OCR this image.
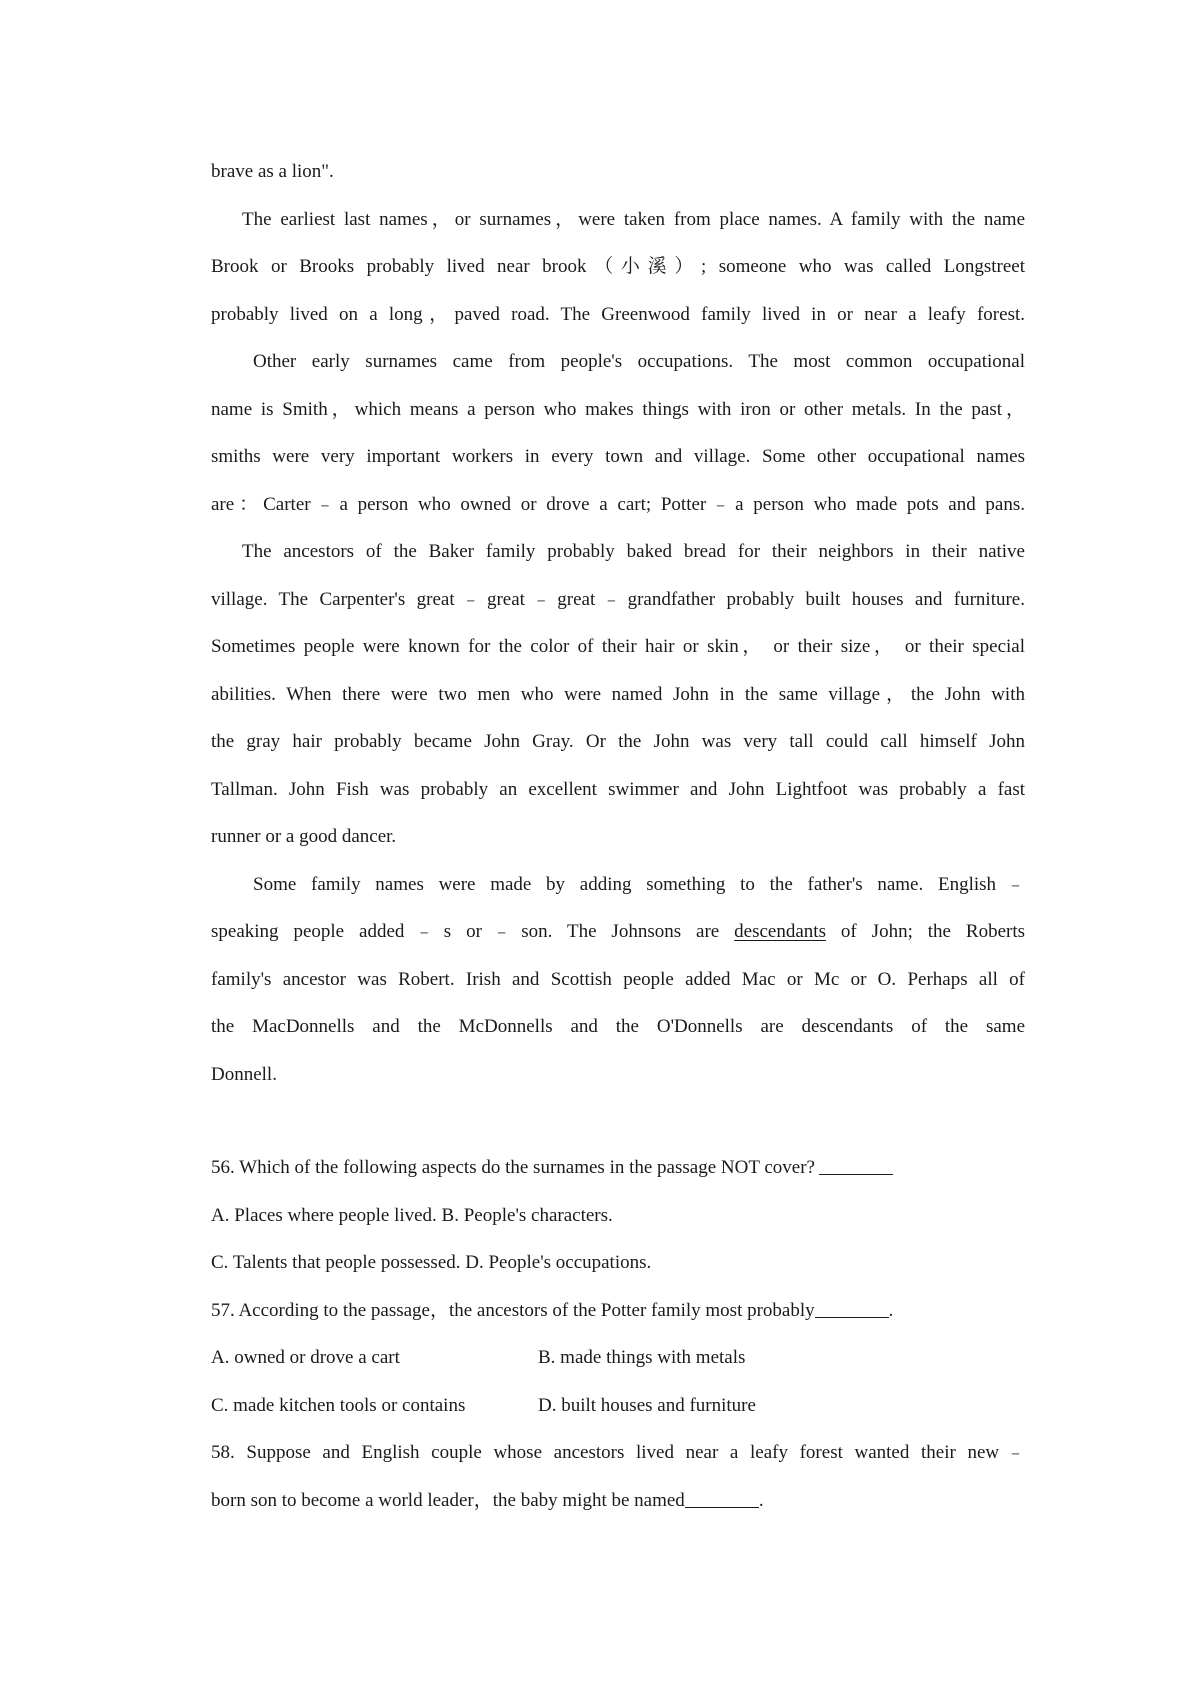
brave as a lion".
The earliest last names，or surnames，were taken from place names. A family with the name
Brook or Brooks probably lived near brook（小溪）; someone who was called Longstreet
probably lived on a long，paved road. The Greenwood family lived in or near a leafy forest.
Other early surnames came from people's occupations. The most common occupational
name is Smith，which means a person who makes things with iron or other metals. In the past，
smiths were very important workers in every town and village. Some other occupational names
are：Carter﹣a person who owned or drove a cart; Potter﹣a person who made pots and pans.
The ancestors of the Baker family probably baked bread for their neighbors in their native
village. The Carpenter's great﹣great﹣great﹣grandfather probably built houses and furniture.
Sometimes people were known for the color of their hair or skin， or their size， or their special
abilities. When there were two men who were named John in the same village，the John with
the gray hair probably became John Gray. Or the John was very tall could call himself John
Tallman. John Fish was probably an excellent swimmer and John Lightfoot was probably a fast
runner or a good dancer.
Some family names were made by adding something to the father's name. English﹣
speaking people added﹣s or﹣son. The Johnsons are descendants of John; the Roberts
family's ancestor was Robert. Irish and Scottish people added Mac or Mc or O. Perhaps all of
the MacDonnells and the McDonnells and the O'Donnells are descendants of the same
Donnell.
56. Which of the following aspects do the surnames in the passage NOT cover?
A. Places where people lived. B. People's characters.
C. Talents that people possessed. D. People's occupations.
57. According to the passage，the ancestors of the Potter family most probably	.
A. owned or drove a cart	B. made things with metals
C. made kitchen tools or contains	D. built houses and furniture
58. Suppose and English couple whose ancestors lived near a leafy forest wanted their new﹣
born son to become a world leader，the baby might be named	.
